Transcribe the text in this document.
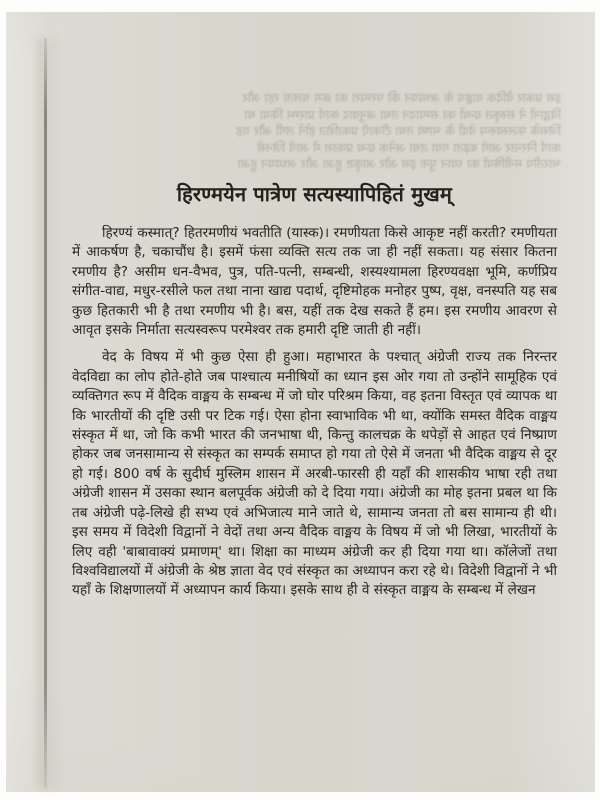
इस प्रकार वैदिक वाङ्मय के अध्ययन की परम्परा का क्रम चलता रहा और
विद्वानों ने संस्कृत ग्रन्थों का सम्पादन तथा अनुवाद कार्य प्रारम्भ किया था
जिसके फलस्वरूप वेदों के भाष्य तथा टीकाएँ प्रकाशित होने लगीं और यह
कार्य निरन्तर आगे बढ़ता गया तथा अनेक ग्रन्थ प्रकाश में आये जिनसे
भारतीय मनीषियों का ध्यान पुनः इस ओर आकृष्ट हुआ और अध्ययन हुआ
हिरण्मयेन पात्रेण सत्यस्यापिहितं मुखम्

हिरण्यं कस्मात्? हितरमणीयं भवतीति (यास्क)। रमणीयता किसे आकृष्ट नहीं करती? रमणीयता में आकर्षण है, चकाचौंध है। इसमें फंसा व्यक्ति सत्य तक जा ही नहीं सकता। यह संसार कितना रमणीय है? असीम धन-वैभव, पुत्र, पति-पत्नी, सम्बन्धी, शस्यश्यामला हिरण्यवक्षा भूमि, कर्णप्रिय संगीत-वाद्य, मधुर-रसीले फल तथा नाना खाद्य पदार्थ, दृष्टिमोहक मनोहर पुष्प, वृक्ष, वनस्पति यह सब कुछ हितकारी भी है तथा रमणीय भी है। बस, यहीं तक देख सकते हैं हम। इस रमणीय आवरण से आवृत इसके निर्माता सत्यस्वरूप परमेश्वर तक हमारी दृष्टि जाती ही नहीं।

वेद के विषय में भी कुछ ऐसा ही हुआ। महाभारत के पश्चात् अंग्रेजी राज्य तक निरन्तर वेदविद्या का लोप होते-होते जब पाश्चात्य मनीषियों का ध्यान इस ओर गया तो उन्होंने सामूहिक एवं व्यक्तिगत रूप में वैदिक वाङ्मय के सम्बन्ध में जो घोर परिश्रम किया, वह इतना विस्तृत एवं व्यापक था कि भारतीयों की दृष्टि उसी पर टिक गई। ऐसा होना स्वाभाविक भी था, क्योंकि समस्त वैदिक वाङ्मय संस्कृत में था, जो कि कभी भारत की जनभाषा थी, किन्तु कालचक्र के थपेड़ों से आहत एवं निष्प्राण होकर जब जनसामान्य से संस्कृत का सम्पर्क समाप्त हो गया तो ऐसे में जनता भी वैदिक वाङ्मय से दूर हो गई। 800 वर्ष के सुदीर्घ मुस्लिम शासन में अरबी-फारसी ही यहाँ की शासकीय भाषा रही तथा अंग्रेजी शासन में उसका स्थान बलपूर्वक अंग्रेजी को दे दिया गया। अंग्रेजी का मोह इतना प्रबल था कि तब अंग्रेजी पढ़े-लिखे ही सभ्य एवं अभिजात्य माने जाते थे, सामान्य जनता तो बस सामान्य ही थी। इस समय में विदेशी विद्वानों ने वेदों तथा अन्य वैदिक वाङ्मय के विषय में जो भी लिखा, भारतीयों के लिए वही 'बाबावाक्यं प्रमाणम्' था। शिक्षा का माध्यम अंग्रेजी कर ही दिया गया था। कॉलेजों तथा विश्वविद्यालयों में अंग्रेजी के श्रेष्ठ ज्ञाता वेद एवं संस्कृत का अध्यापन करा रहे थे। विदेशी विद्वानों ने भी यहाँ के शिक्षणालयों में अध्यापन कार्य किया। इसके साथ ही वे संस्कृत वाङ्मय के सम्बन्ध में लेखन
